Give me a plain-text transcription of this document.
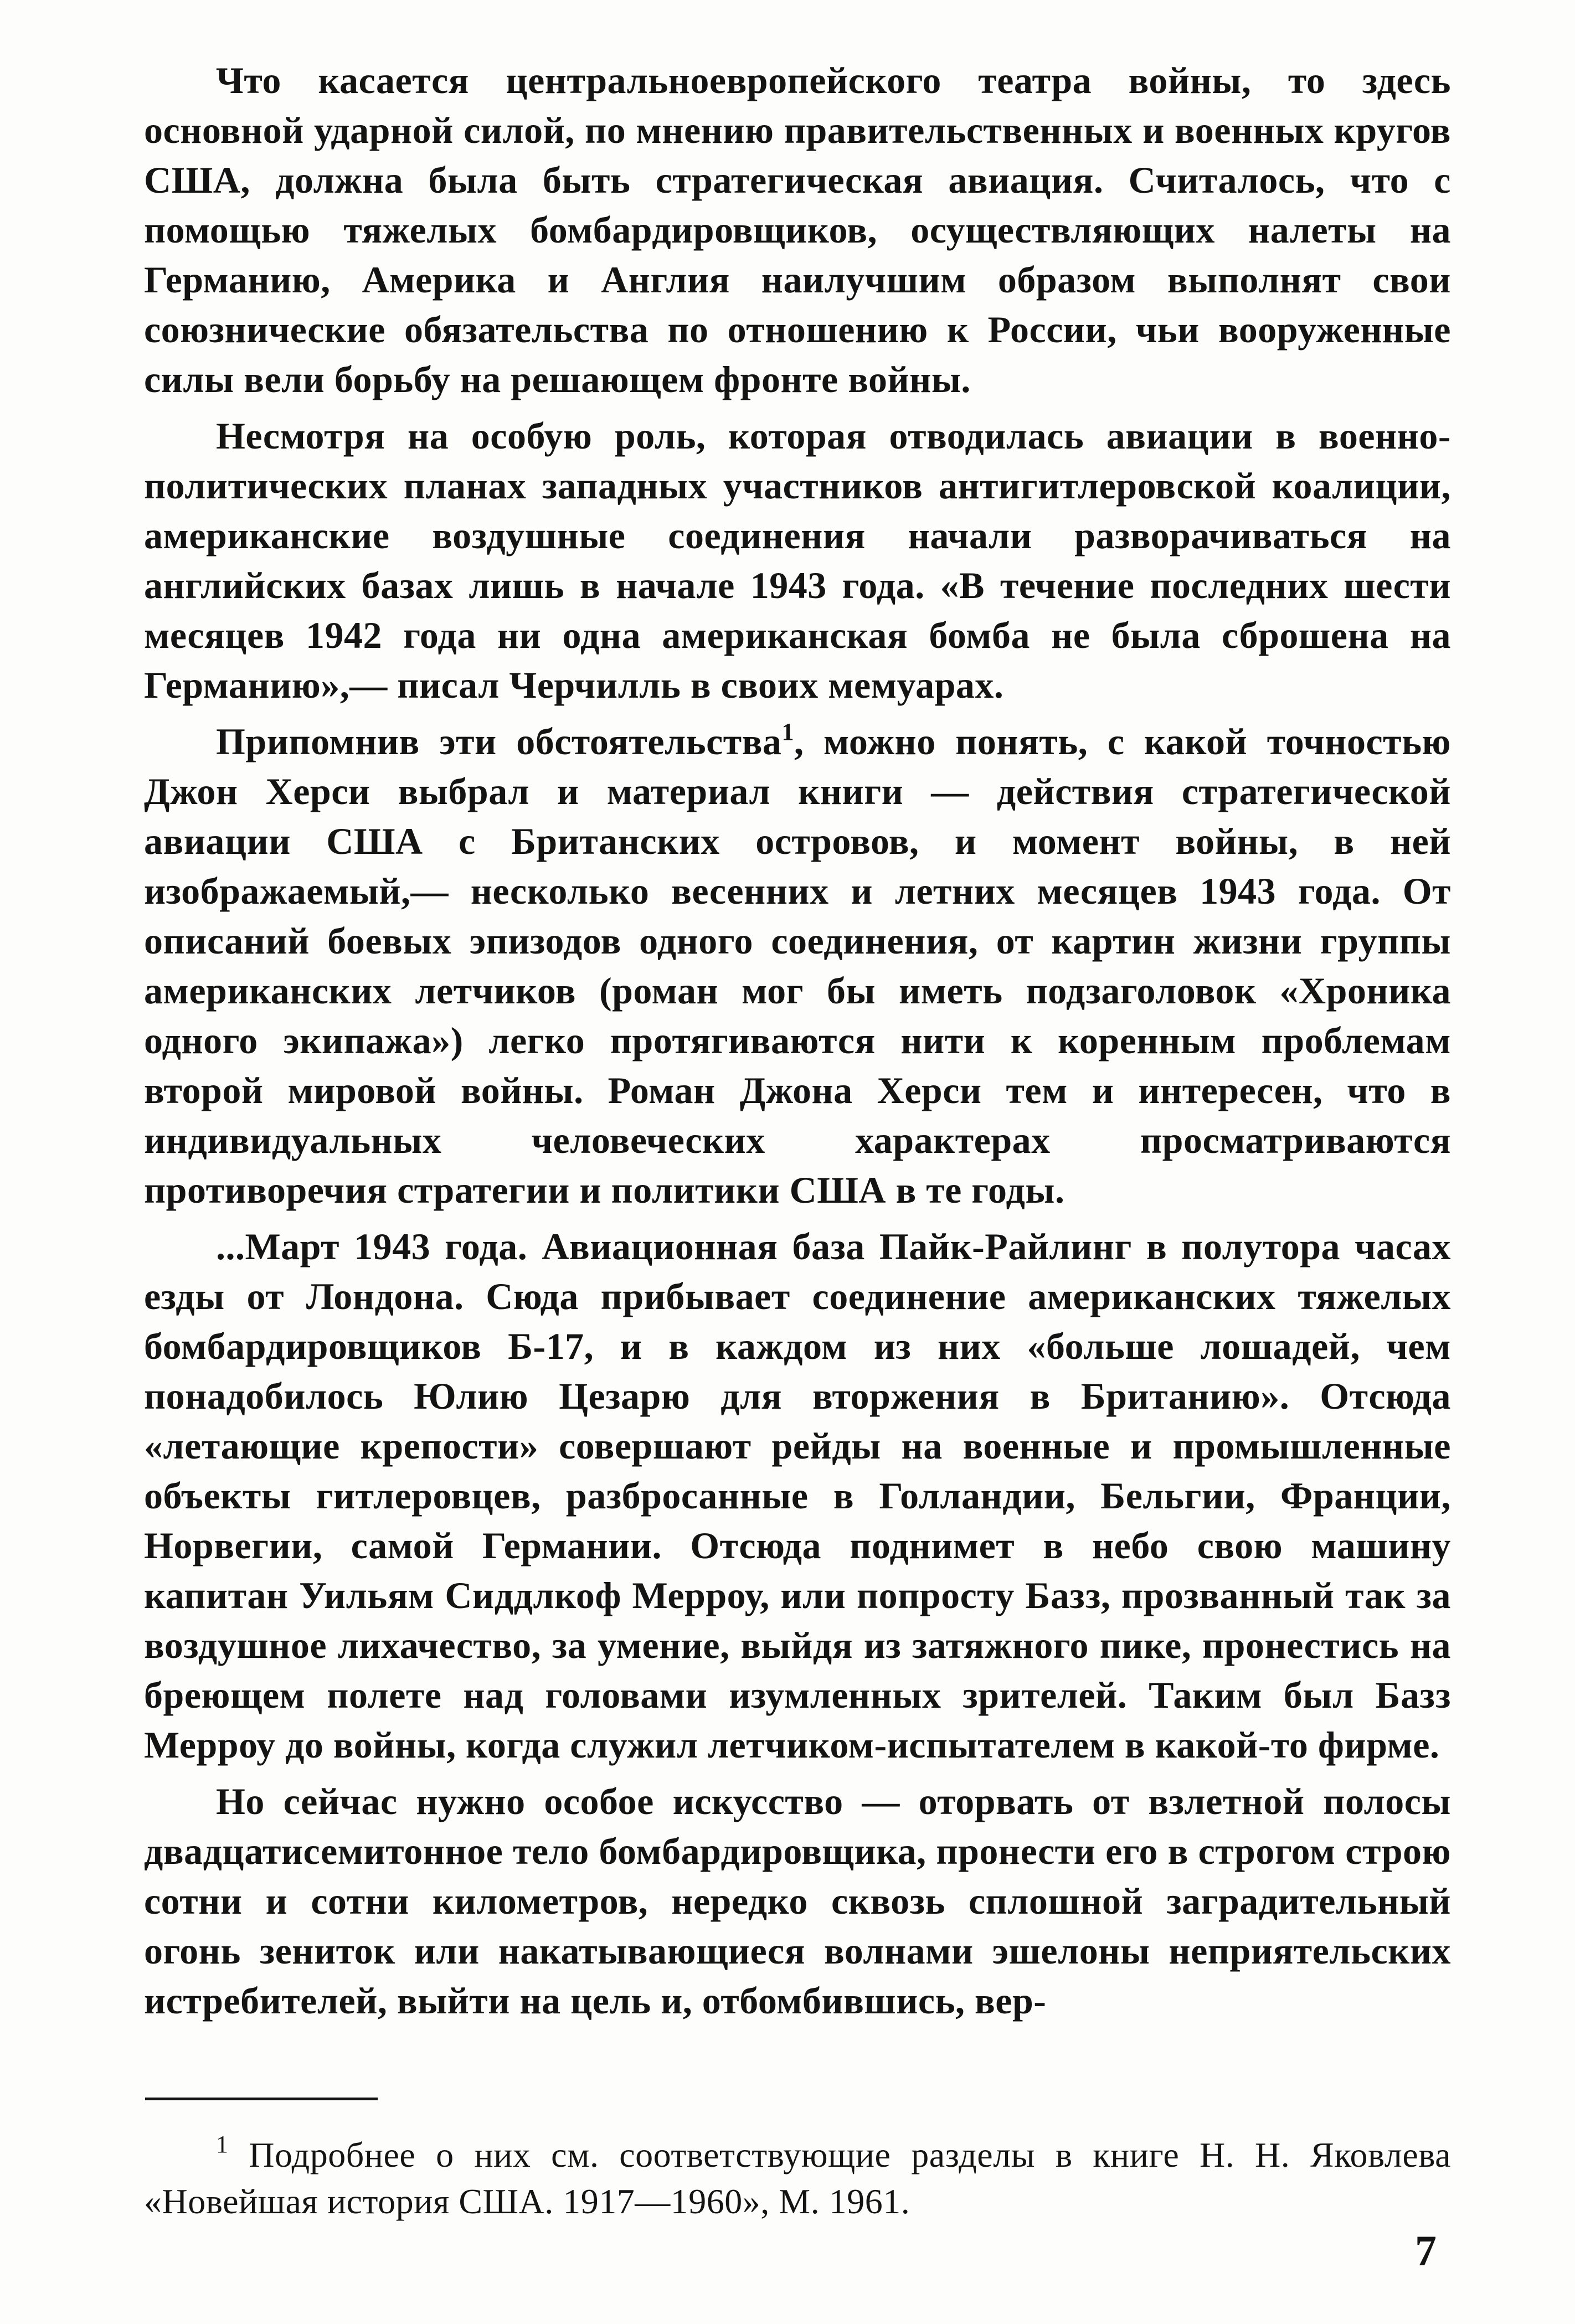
Что касается центральноевропейского театра войны, то здесь основной ударной силой, по мнению правительственных и военных кругов США, должна была быть стратегическая авиация. Считалось, что с помощью тяжелых бомбардировщиков, осуществляющих налеты на Германию, Америка и Англия наилучшим образом выполнят свои союзнические обязательства по отношению к России, чьи вооруженные силы вели борьбу на решающем фронте войны.

Несмотря на особую роль, которая отводилась авиации в военно-политических планах западных участников антигитлеровской коалиции, американские воздушные соединения начали разворачиваться на английских базах лишь в начале 1943 года. «В течение последних шести месяцев 1942 года ни одна американская бомба не была сброшена на Германию»,— писал Черчилль в своих мемуарах.

Припомнив эти обстоятельства$^1$, можно понять, с какой точностью Джон Херси выбрал и материал книги — действия стратегической авиации США с Британских островов, и момент войны, в ней изображаемый,— несколько весенних и летних месяцев 1943 года. От описаний боевых эпизодов одного соединения, от картин жизни группы американских летчиков (роман мог бы иметь подзаголовок «Хроника одного экипажа») легко протягиваются нити к коренным проблемам второй мировой войны. Роман Джона Херси тем и интересен, что в индивидуальных человеческих характерах просматриваются противоречия стратегии и политики США в те годы.

...Март 1943 года. Авиационная база Пайк-Райлинг в полутора часах езды от Лондона. Сюда прибывает соединение американских тяжелых бомбардировщиков Б-17, и в каждом из них «больше лошадей, чем понадобилось Юлию Цезарю для вторжения в Британию». Отсюда «летающие крепости» совершают рейды на военные и промышленные объекты гитлеровцев, разбросанные в Голландии, Бельгии, Франции, Норвегии, самой Германии. Отсюда поднимет в небо свою машину капитан Уильям Сиддлкоф Мерроу, или попросту Базз, прозванный так за воздушное лихачество, за умение, выйдя из затяжного пике, пронестись на бреющем полете над головами изумленных зрителей. Таким был Базз Мерроу до войны, когда служил летчиком-испытателем в какой-то фирме.

Но сейчас нужно особое искусство — оторвать от взлетной полосы двадцатисемитонное тело бомбардировщика, пронести его в строгом строю сотни и сотни километров, нередко сквозь сплошной заградительный огонь зениток или накатывающиеся волнами эшелоны неприятельских истребителей, выйти на цель и, отбомбившись, вер-

$^1$ Подробнее о них см. соответствующие разделы в книге Н. Н. Яковлева «Новейшая история США. 1917—1960», М. 1961.
7
